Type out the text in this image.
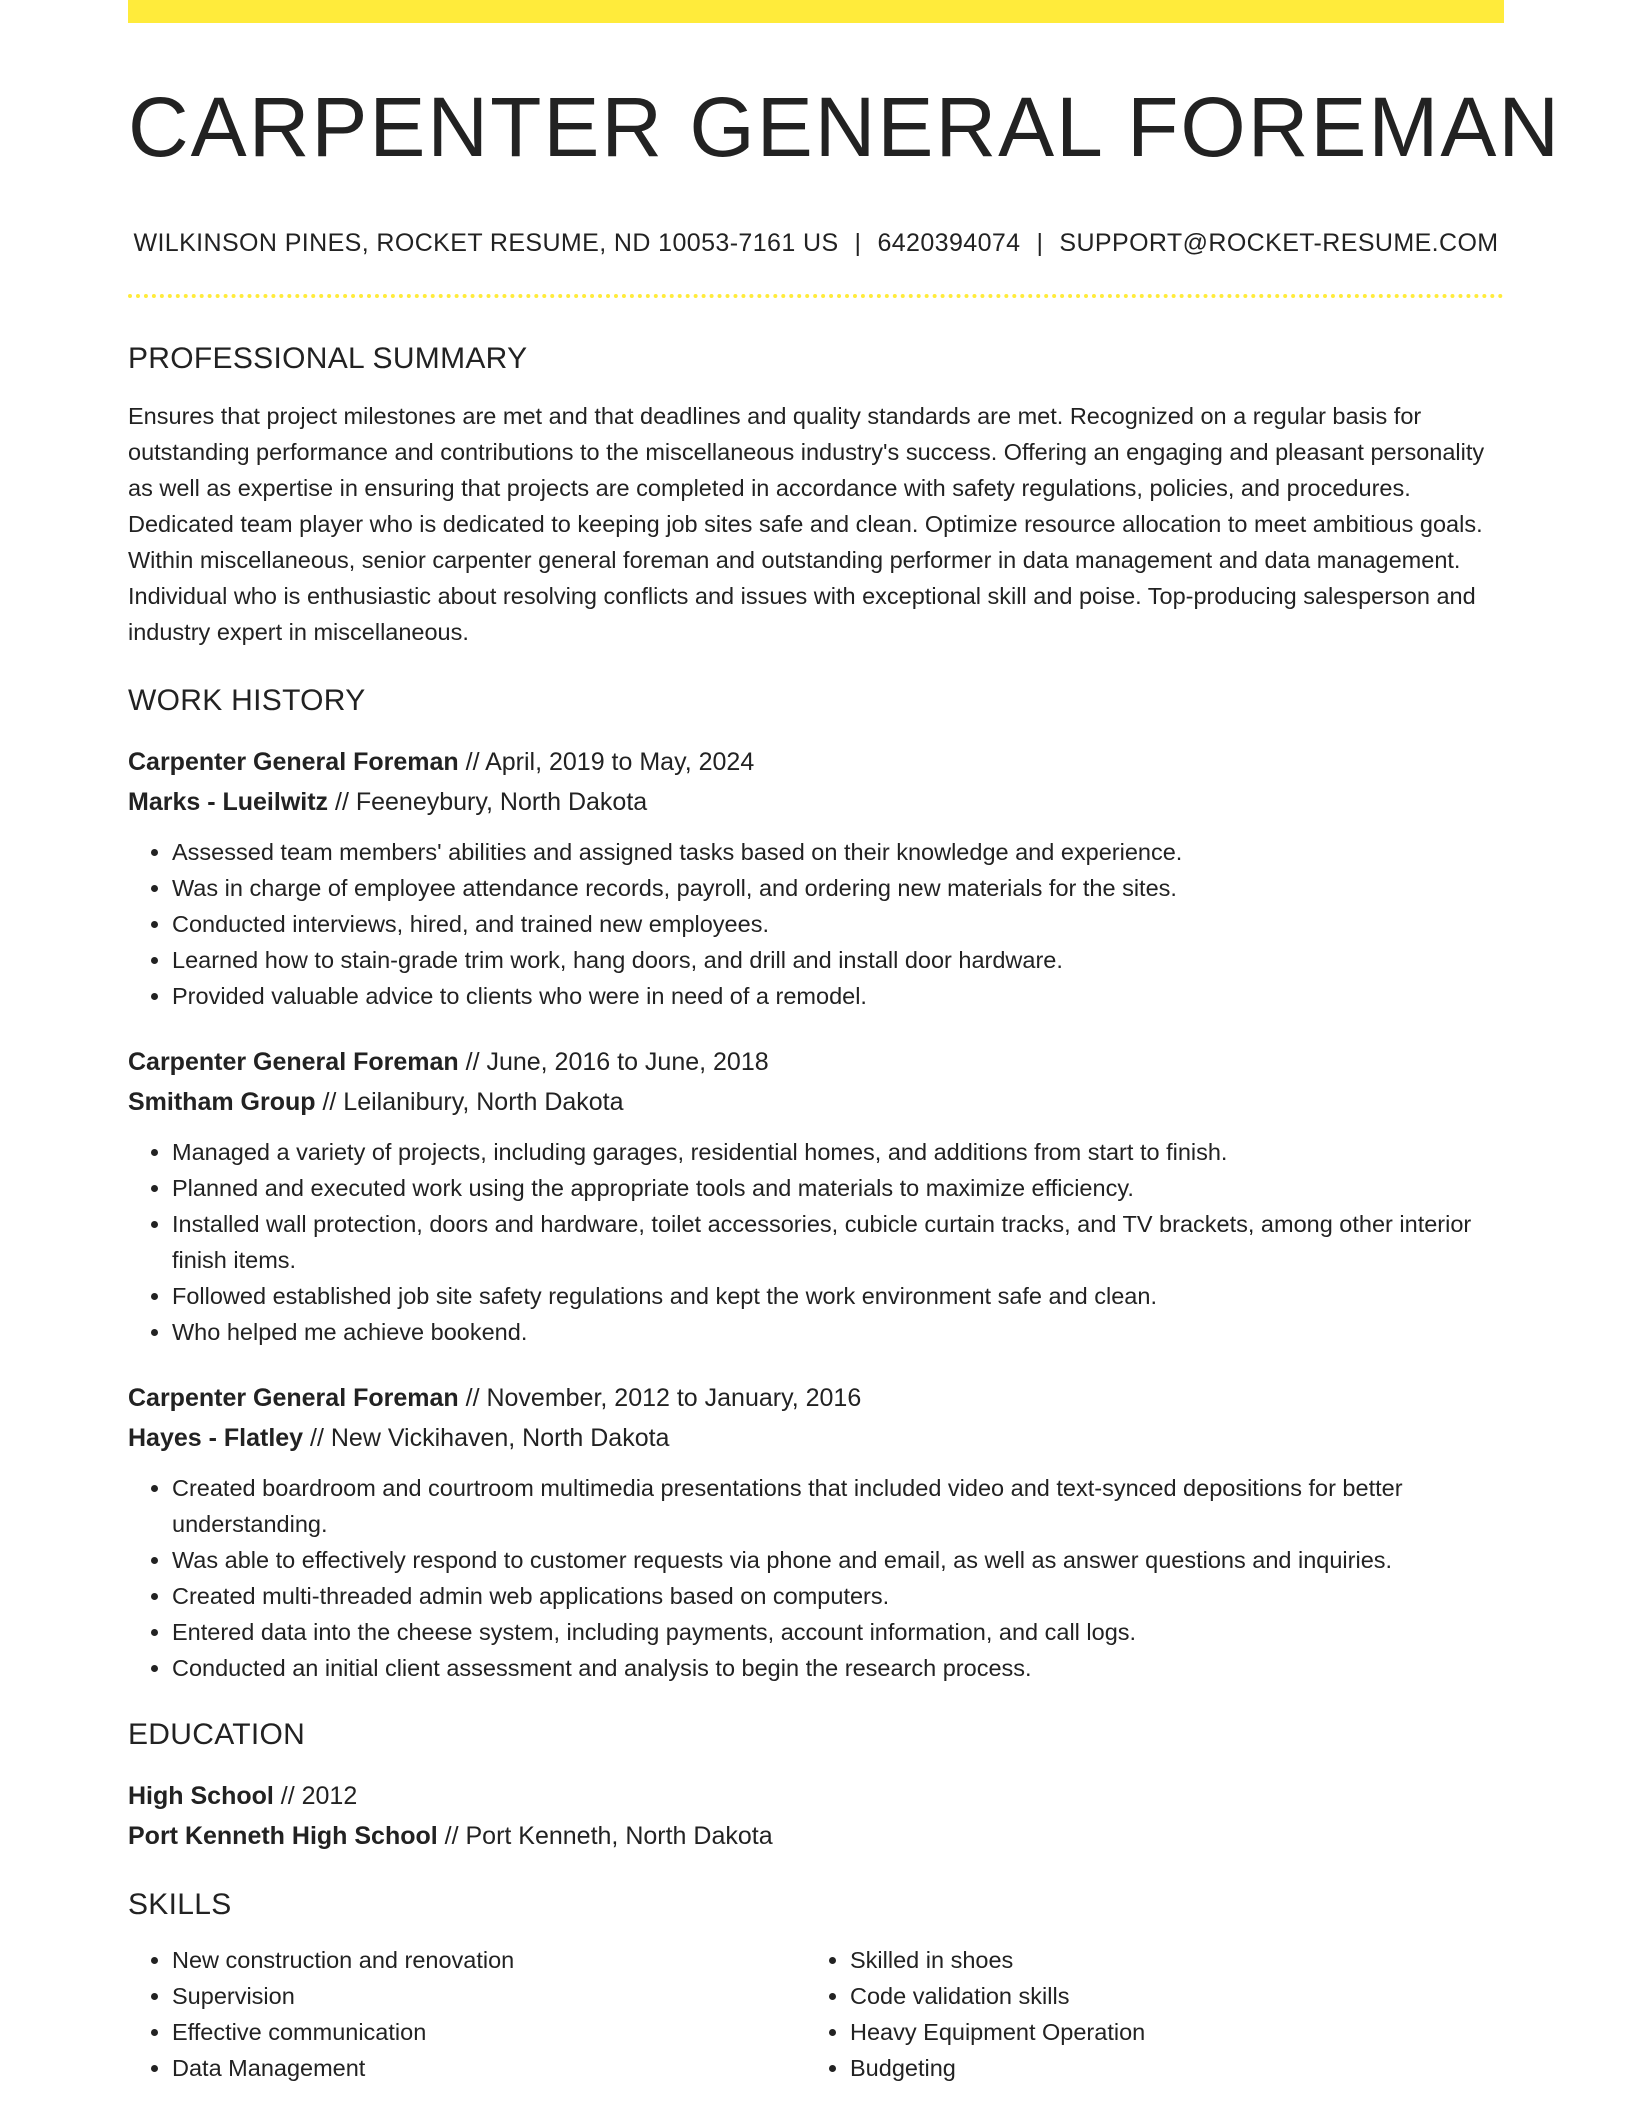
CARPENTER GENERAL FOREMAN
WILKINSON PINES, ROCKET RESUME, ND 10053-7161 US | 6420394074 | SUPPORT@ROCKET-RESUME.COM
PROFESSIONAL SUMMARY

Ensures that project milestones are met and that deadlines and quality standards are met. Recognized on a regular basis for outstanding performance and contributions to the miscellaneous industry's success. Offering an engaging and pleasant personality as well as expertise in ensuring that projects are completed in accordance with safety regulations, policies, and procedures. Dedicated team player who is dedicated to keeping job sites safe and clean. Optimize resource allocation to meet ambitious goals. Within miscellaneous, senior carpenter general foreman and outstanding performer in data management and data management. Individual who is enthusiastic about resolving conflicts and issues with exceptional skill and poise. Top-producing salesperson and industry expert in miscellaneous.

WORK HISTORY
Carpenter General Foreman // April, 2019 to May, 2024
Marks - Lueilwitz // Feeneybury, North Dakota
• Assessed team members' abilities and assigned tasks based on their knowledge and experience.
• Was in charge of employee attendance records, payroll, and ordering new materials for the sites.
• Conducted interviews, hired, and trained new employees.
• Learned how to stain-grade trim work, hang doors, and drill and install door hardware.
• Provided valuable advice to clients who were in need of a remodel.
Carpenter General Foreman // June, 2016 to June, 2018
Smitham Group // Leilanibury, North Dakota
• Managed a variety of projects, including garages, residential homes, and additions from start to finish.
• Planned and executed work using the appropriate tools and materials to maximize efficiency.
• Installed wall protection, doors and hardware, toilet accessories, cubicle curtain tracks, and TV brackets, among other interior finish items.
• Followed established job site safety regulations and kept the work environment safe and clean.
• Who helped me achieve bookend.
Carpenter General Foreman // November, 2012 to January, 2016
Hayes - Flatley // New Vickihaven, North Dakota
• Created boardroom and courtroom multimedia presentations that included video and text-synced depositions for better understanding.
• Was able to effectively respond to customer requests via phone and email, as well as answer questions and inquiries.
• Created multi-threaded admin web applications based on computers.
• Entered data into the cheese system, including payments, account information, and call logs.
• Conducted an initial client assessment and analysis to begin the research process.
EDUCATION
High School // 2012
Port Kenneth High School // Port Kenneth, North Dakota
SKILLS
• New construction and renovation
• Supervision
• Effective communication
• Data Management
• Skilled in shoes
• Code validation skills
• Heavy Equipment Operation
• Budgeting
